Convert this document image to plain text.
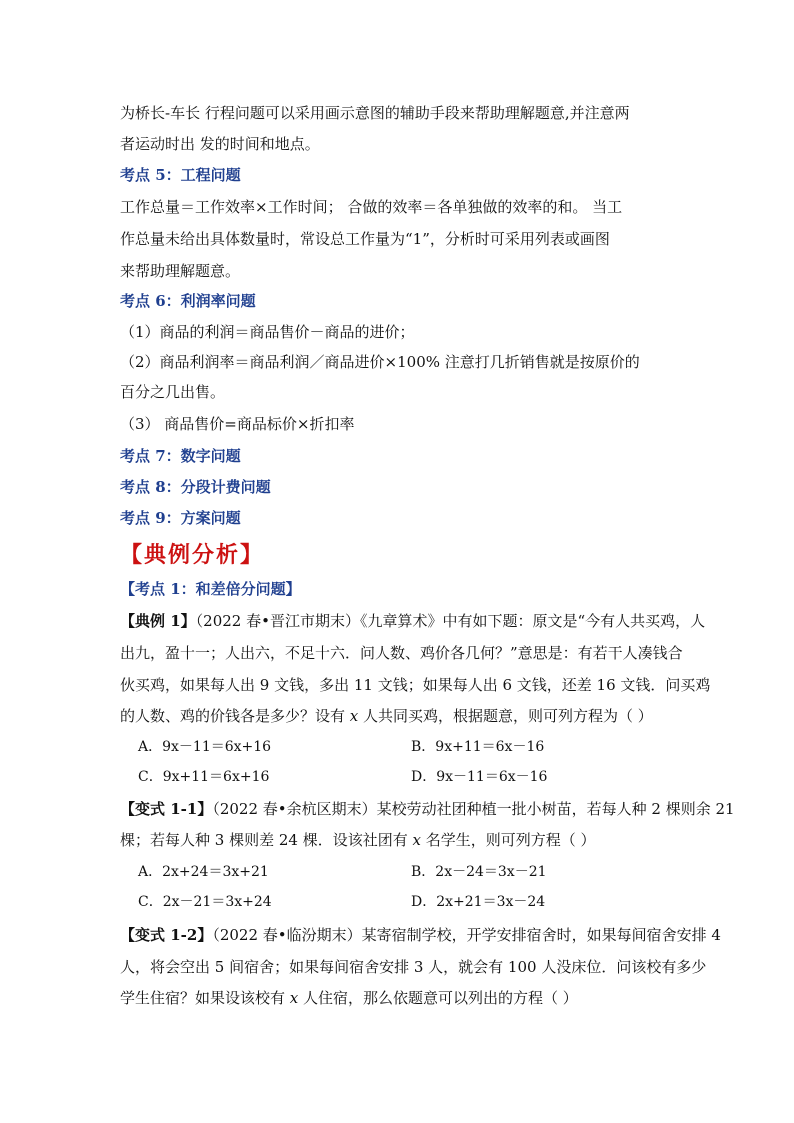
为桥长-车长 行程问题可以采用画示意图的辅助手段来帮助理解题意,并注意两
者运动时出 发的时间和地点。
考点 5：工程问题
工作总量＝工作效率×工作时间； 合做的效率＝各单独做的效率的和。 当工
作总量未给出具体数量时，常设总工作量为“1”，分析时可采用列表或画图
来帮助理解题意。
考点 6：利润率问题
（1）商品的利润＝商品售价－商品的进价；
（2）商品利润率＝商品利润／商品进价×100% 注意打几折销售就是按原价的
百分之几出售。
（3） 商品售价=商品标价×折扣率
考点 7：数字问题
考点 8：分段计费问题
考点 9：方案问题
【典例分析】
【考点 1：和差倍分问题】
【典例 1】（2022 春•晋江市期末）《九章算术》中有如下题：原文是“今有人共买鸡，人
出九，盈十一；人出六，不足十六．问人数、鸡价各几何？”意思是：有若干人凑钱合
伙买鸡，如果每人出 9 文钱，多出 11 文钱；如果每人出 6 文钱，还差 16 文钱．问买鸡
的人数、鸡的价钱各是多少？设有 x 人共同买鸡，根据题意，则可列方程为（ ）
A．9x－11＝6x+16	B．9x+11＝6x－16
C．9x+11＝6x+16	D．9x－11＝6x－16
【变式 1-1】（2022 春•余杭区期末）某校劳动社团种植一批小树苗，若每人种 2 棵则余 21
棵；若每人种 3 棵则差 24 棵．设该社团有 x 名学生，则可列方程（ ）
A．2x+24＝3x+21	B．2x－24＝3x－21
C．2x－21＝3x+24	D．2x+21＝3x－24
【变式 1-2】（2022 春•临汾期末）某寄宿制学校，开学安排宿舍时，如果每间宿舍安排 4
人，将会空出 5 间宿舍；如果每间宿舍安排 3 人，就会有 100 人没床位．问该校有多少
学生住宿？如果设该校有 x 人住宿，那么依题意可以列出的方程（ ）
